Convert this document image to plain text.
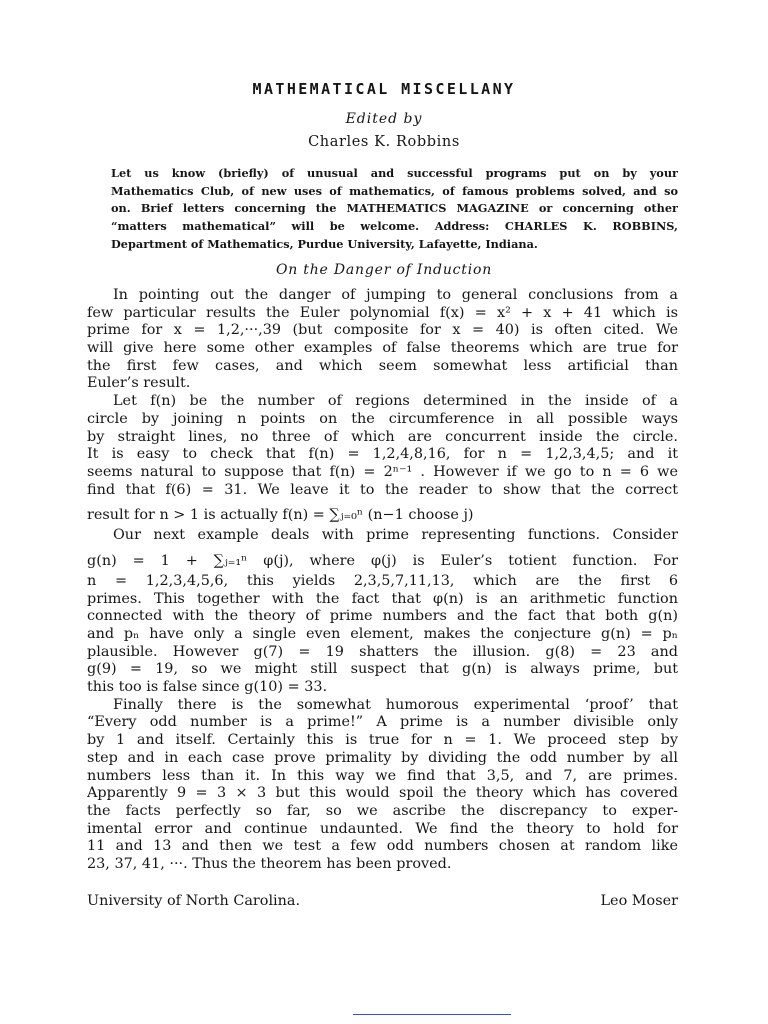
MATHEMATICAL MISCELLANY
Edited by
Charles K. Robbins
Let us know (briefly) of unusual and successful programs put on by your
Mathematics Club, of new uses of mathematics, of famous problems solved, and so
on. Brief letters concerning the MATHEMATICS MAGAZINE or concerning other
“matters mathematical” will be welcome. Address: CHARLES K. ROBBINS,
Department of Mathematics, Purdue University, Lafayette, Indiana.
On the Danger of Induction
In pointing out the danger of jumping to general conclusions from a
few particular results the Euler polynomial f(x) = x² + x + 41 which is
prime for x = 1,2,···,39 (but composite for x = 40) is often cited. We
will give here some other examples of false theorems which are true for
the first few cases, and which seem somewhat less artificial than
Euler’s result.
Let f(n) be the number of regions determined in the inside of a
circle by joining n points on the circumference in all possible ways
by straight lines, no three of which are concurrent inside the circle.
It is easy to check that f(n) = 1,2,4,8,16, for n = 1,2,3,4,5; and it
seems natural to suppose that f(n) = 2ⁿ⁻¹ . However if we go to n = 6 we
find that f(6) = 31. We leave it to the reader to show that the correct
result for n > 1 is actually f(n) = ∑ⱼ₌₀ⁿ (n−1 choose j)
Our next example deals with prime representing functions. Consider
g(n) = 1 + ∑ⱼ₌₁ⁿ φ(j), where φ(j) is Euler’s totient function. For
n = 1,2,3,4,5,6, this yields 2,3,5,7,11,13, which are the first 6
primes. This together with the fact that φ(n) is an arithmetic function
connected with the theory of prime numbers and the fact that both g(n)
and pₙ have only a single even element, makes the conjecture g(n) = pₙ
plausible. However g(7) = 19 shatters the illusion. g(8) = 23 and
g(9) = 19, so we might still suspect that g(n) is always prime, but
this too is false since g(10) = 33.
Finally there is the somewhat humorous experimental ‘proof’ that
“Every odd number is a prime!” A prime is a number divisible only
by 1 and itself. Certainly this is true for n = 1. We proceed step by
step and in each case prove primality by dividing the odd number by all
numbers less than it. In this way we find that 3,5, and 7, are primes.
Apparently 9 = 3 × 3 but this would spoil the theory which has covered
the facts perfectly so far, so we ascribe the discrepancy to exper-
imental error and continue undaunted. We find the theory to hold for
11 and 13 and then we test a few odd numbers chosen at random like
23, 37, 41, ···. Thus the theorem has been proved.
University of North Carolina.	Leo Moser
